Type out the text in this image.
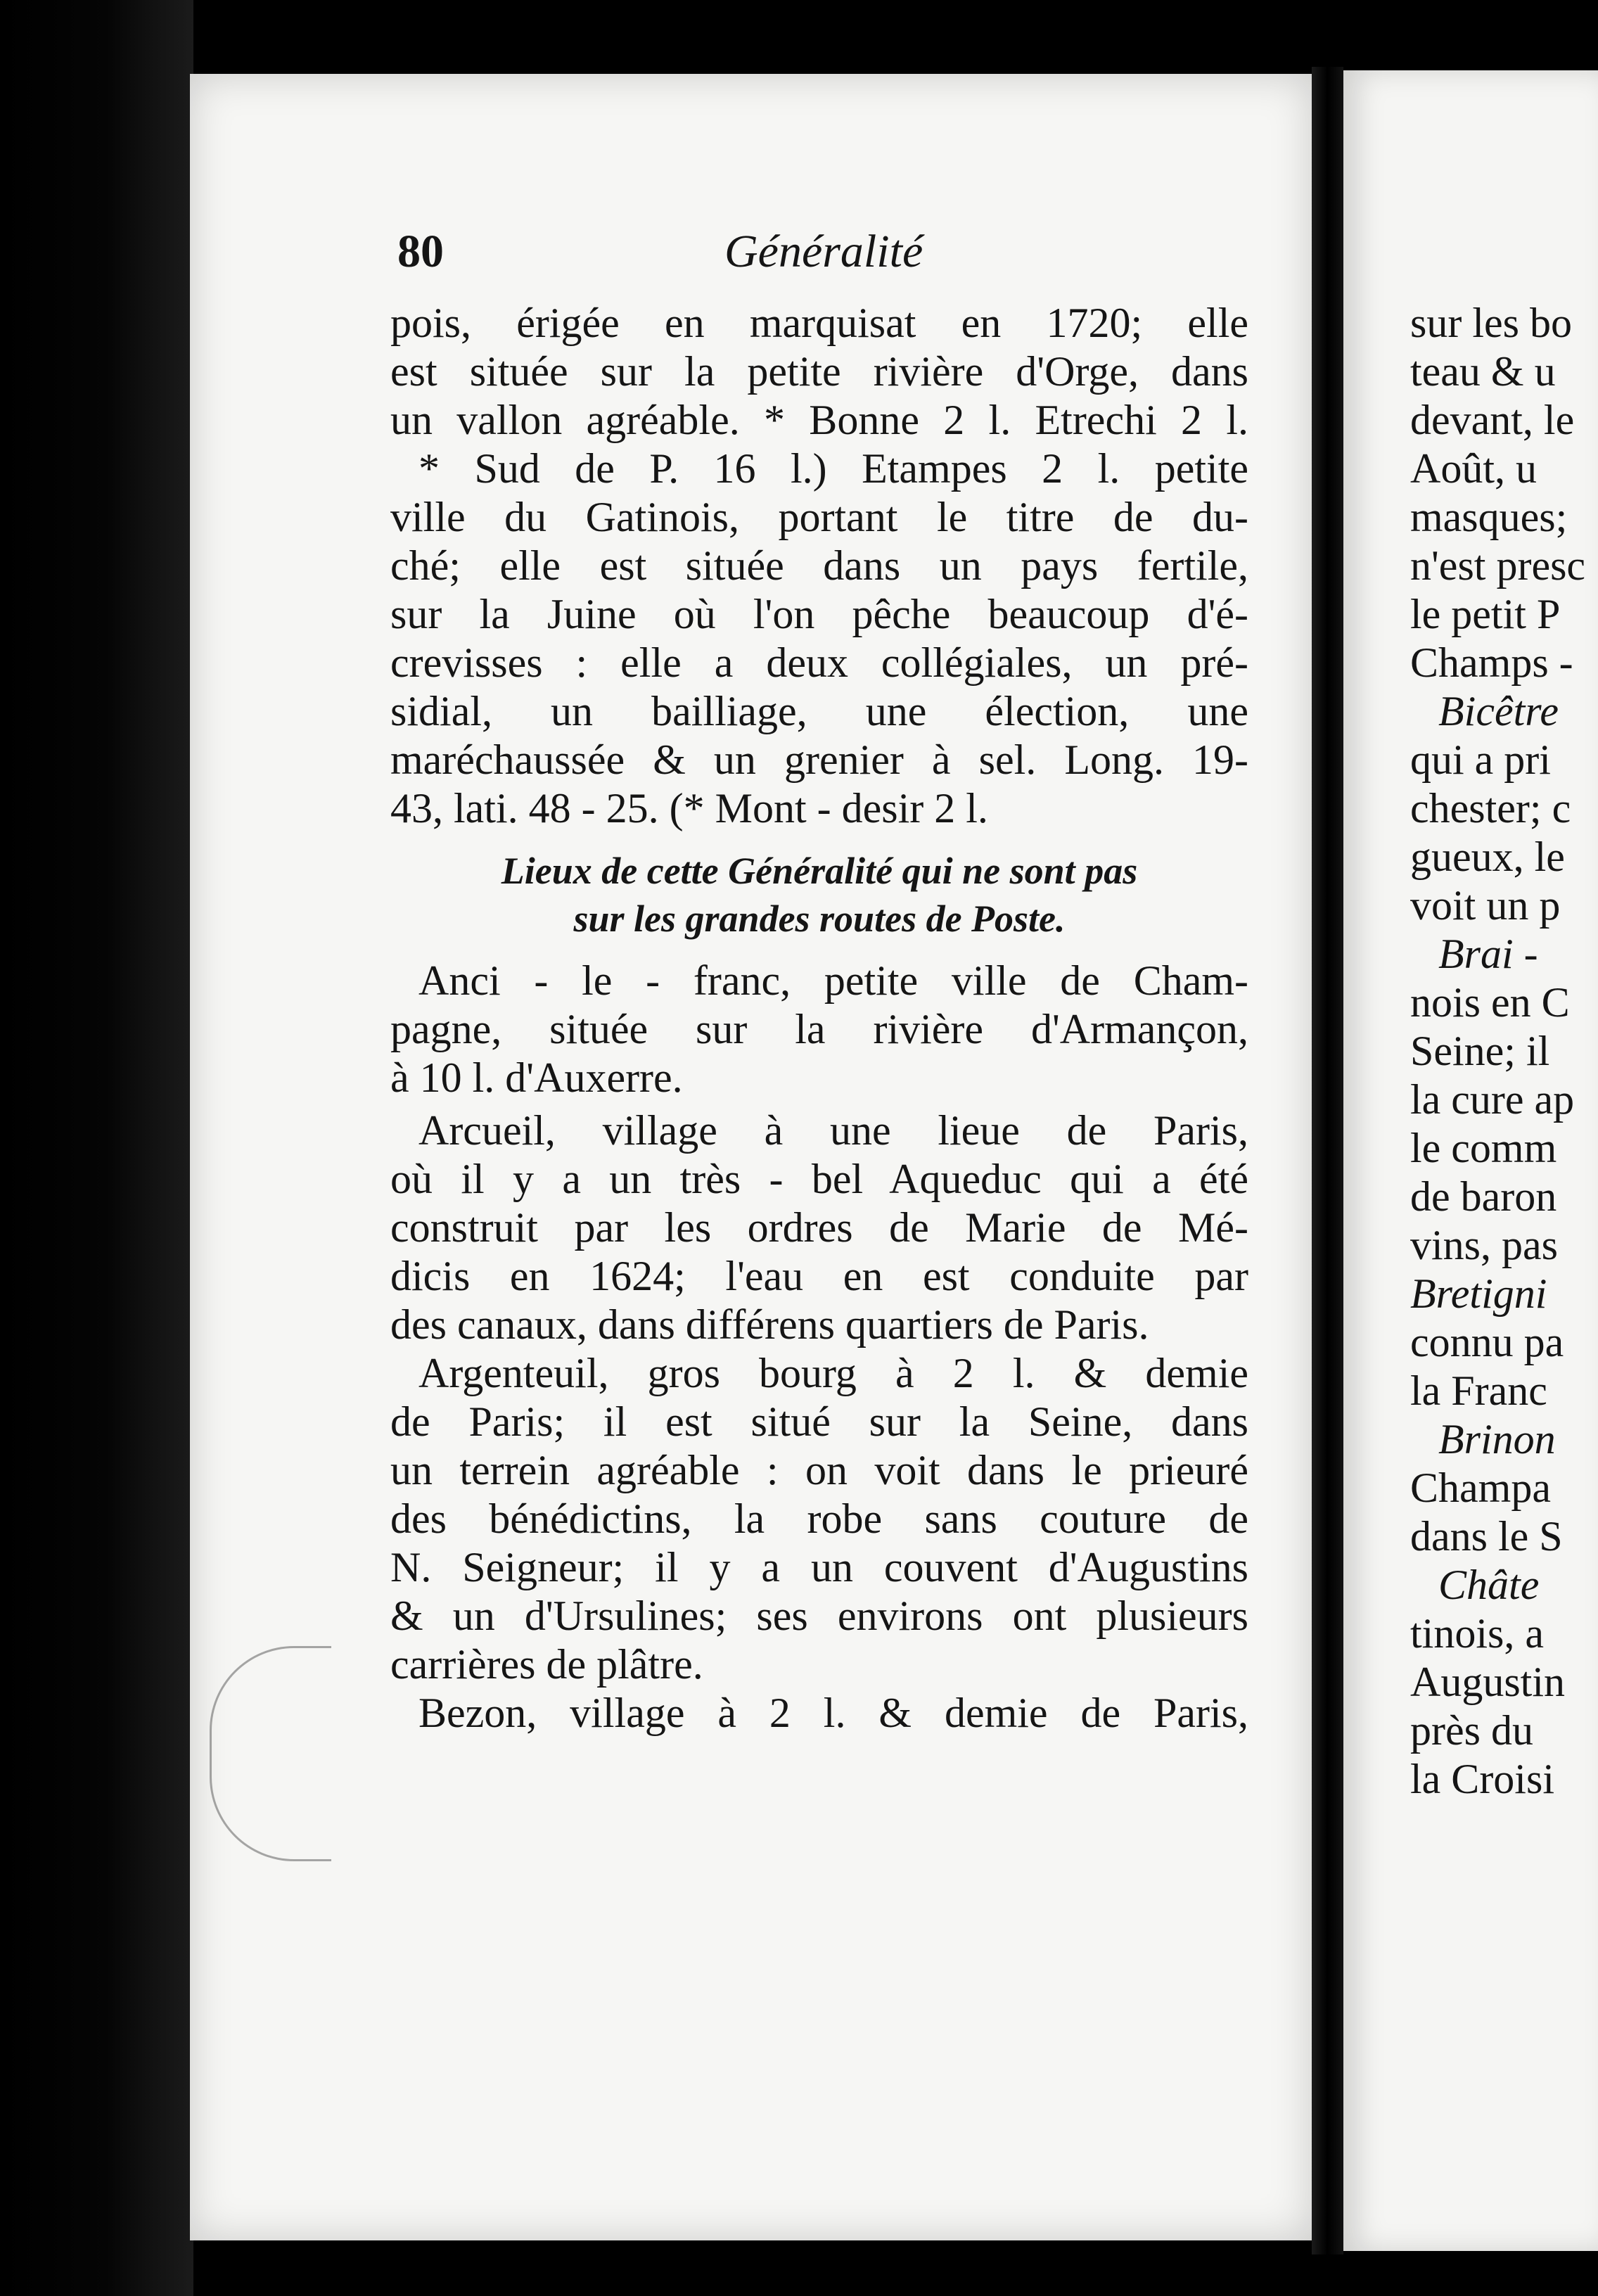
80	Généralité
pois, érigée en marquisat en 1720; elle
est située sur la petite rivière d'Orge, dans
un vallon agréable. * Bonne 2 l. Etrechi 2 l.
* Sud de P. 16 l.) Etampes 2 l. petite
ville du Gatinois, portant le titre de du-
ché; elle est située dans un pays fertile,
sur la Juine où l'on pêche beaucoup d'é-
crevisses : elle a deux collégiales, un pré-
sidial, un bailliage, une élection, une
maréchaussée & un grenier à sel. Long. 19-
43, lati. 48 - 25. (* Mont - desir 2 l.
Lieux de cette Généralité qui ne sont pas
sur les grandes routes de Poste.
Anci - le - franc, petite ville de Cham-
pagne, située sur la rivière d'Armançon,
à 10 l. d'Auxerre.
Arcueil, village à une lieue de Paris,
où il y a un très - bel Aqueduc qui a été
construit par les ordres de Marie de Mé-
dicis en 1624; l'eau en est conduite par
des canaux, dans différens quartiers de Paris.
Argenteuil, gros bourg à 2 l. & demie
de Paris; il est situé sur la Seine, dans
un terrein agréable : on voit dans le prieuré
des bénédictins, la robe sans couture de
N. Seigneur; il y a un couvent d'Augustins
& un d'Ursulines; ses environs ont plusieurs
carrières de plâtre.
Bezon, village à 2 l. & demie de Paris,
sur les bo
teau & u
devant, le
Août, u
masques;
n'est presc
le petit P
Champs -
Bicêtre
qui a pri
chester; c
gueux, le
voit un p
Brai -
nois en C
Seine; il
la cure ap
le comm
de baron
vins, pas
Bretigni
connu pa
la Franc
Brinon
Champa
dans le S
Châte
tinois, a
Augustin
près du
la Croisi
